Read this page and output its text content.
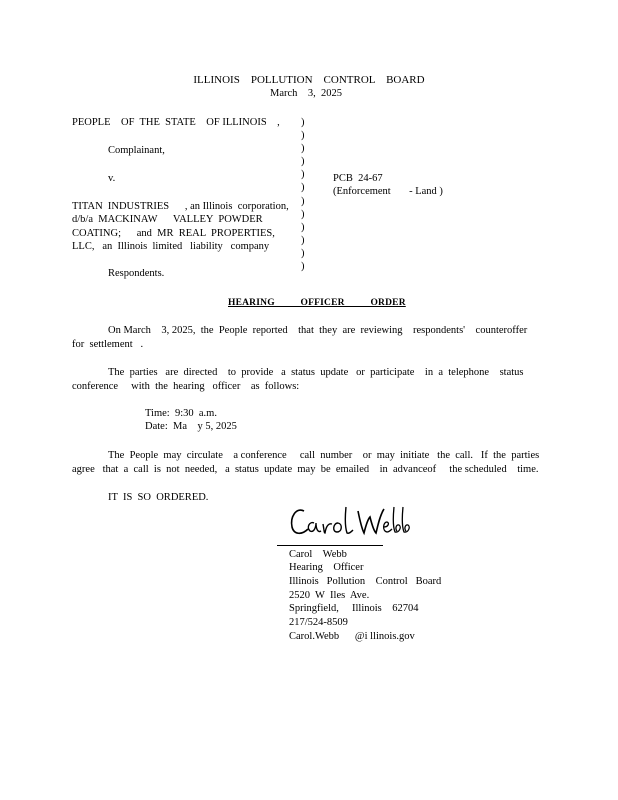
ILLINOIS    POLLUTION    CONTROL    BOARD
March    3,  2025
PEOPLE    OF  THE  STATE    OF ILLINOIS    ,
Complainant,
v.
TITAN  INDUSTRIES      , an Illinois  corporation,
d/b/a  MACKINAW      VALLEY  POWDER
COATING;      and  MR  REAL  PROPERTIES,
LLC,   an  Illinois  limited   liability   company
Respondents.
)
)
)
)
)
)
)
)
)
)
)
)
PCB  24-67
(Enforcement       - Land )
HEARING          OFFICER          ORDER
On March    3, 2025,  the  People  reported    that  they  are  reviewing    respondents'    counteroffer
for  settlement   .
The  parties   are  directed    to  provide   a  status  update   or  participate    in  a  telephone    status
conference     with  the  hearing   officer    as  follows:
Time:  9:30  a.m.
Date:  Ma    y 5, 2025
The  People  may  circulate    a conference     call  number    or  may  initiate   the  call.   If  the  parties
agree   that  a  call  is  not  needed,   a  status  update  may  be  emailed    in  advanceof     the scheduled    time.
IT  IS  SO  ORDERED.
Carol    Webb
Hearing    Officer
Illinois   Pollution    Control   Board
2520  W  Iles  Ave.
Springfield,     Illinois    62704
217/524-8509
Carol.Webb      @i llinois.gov
